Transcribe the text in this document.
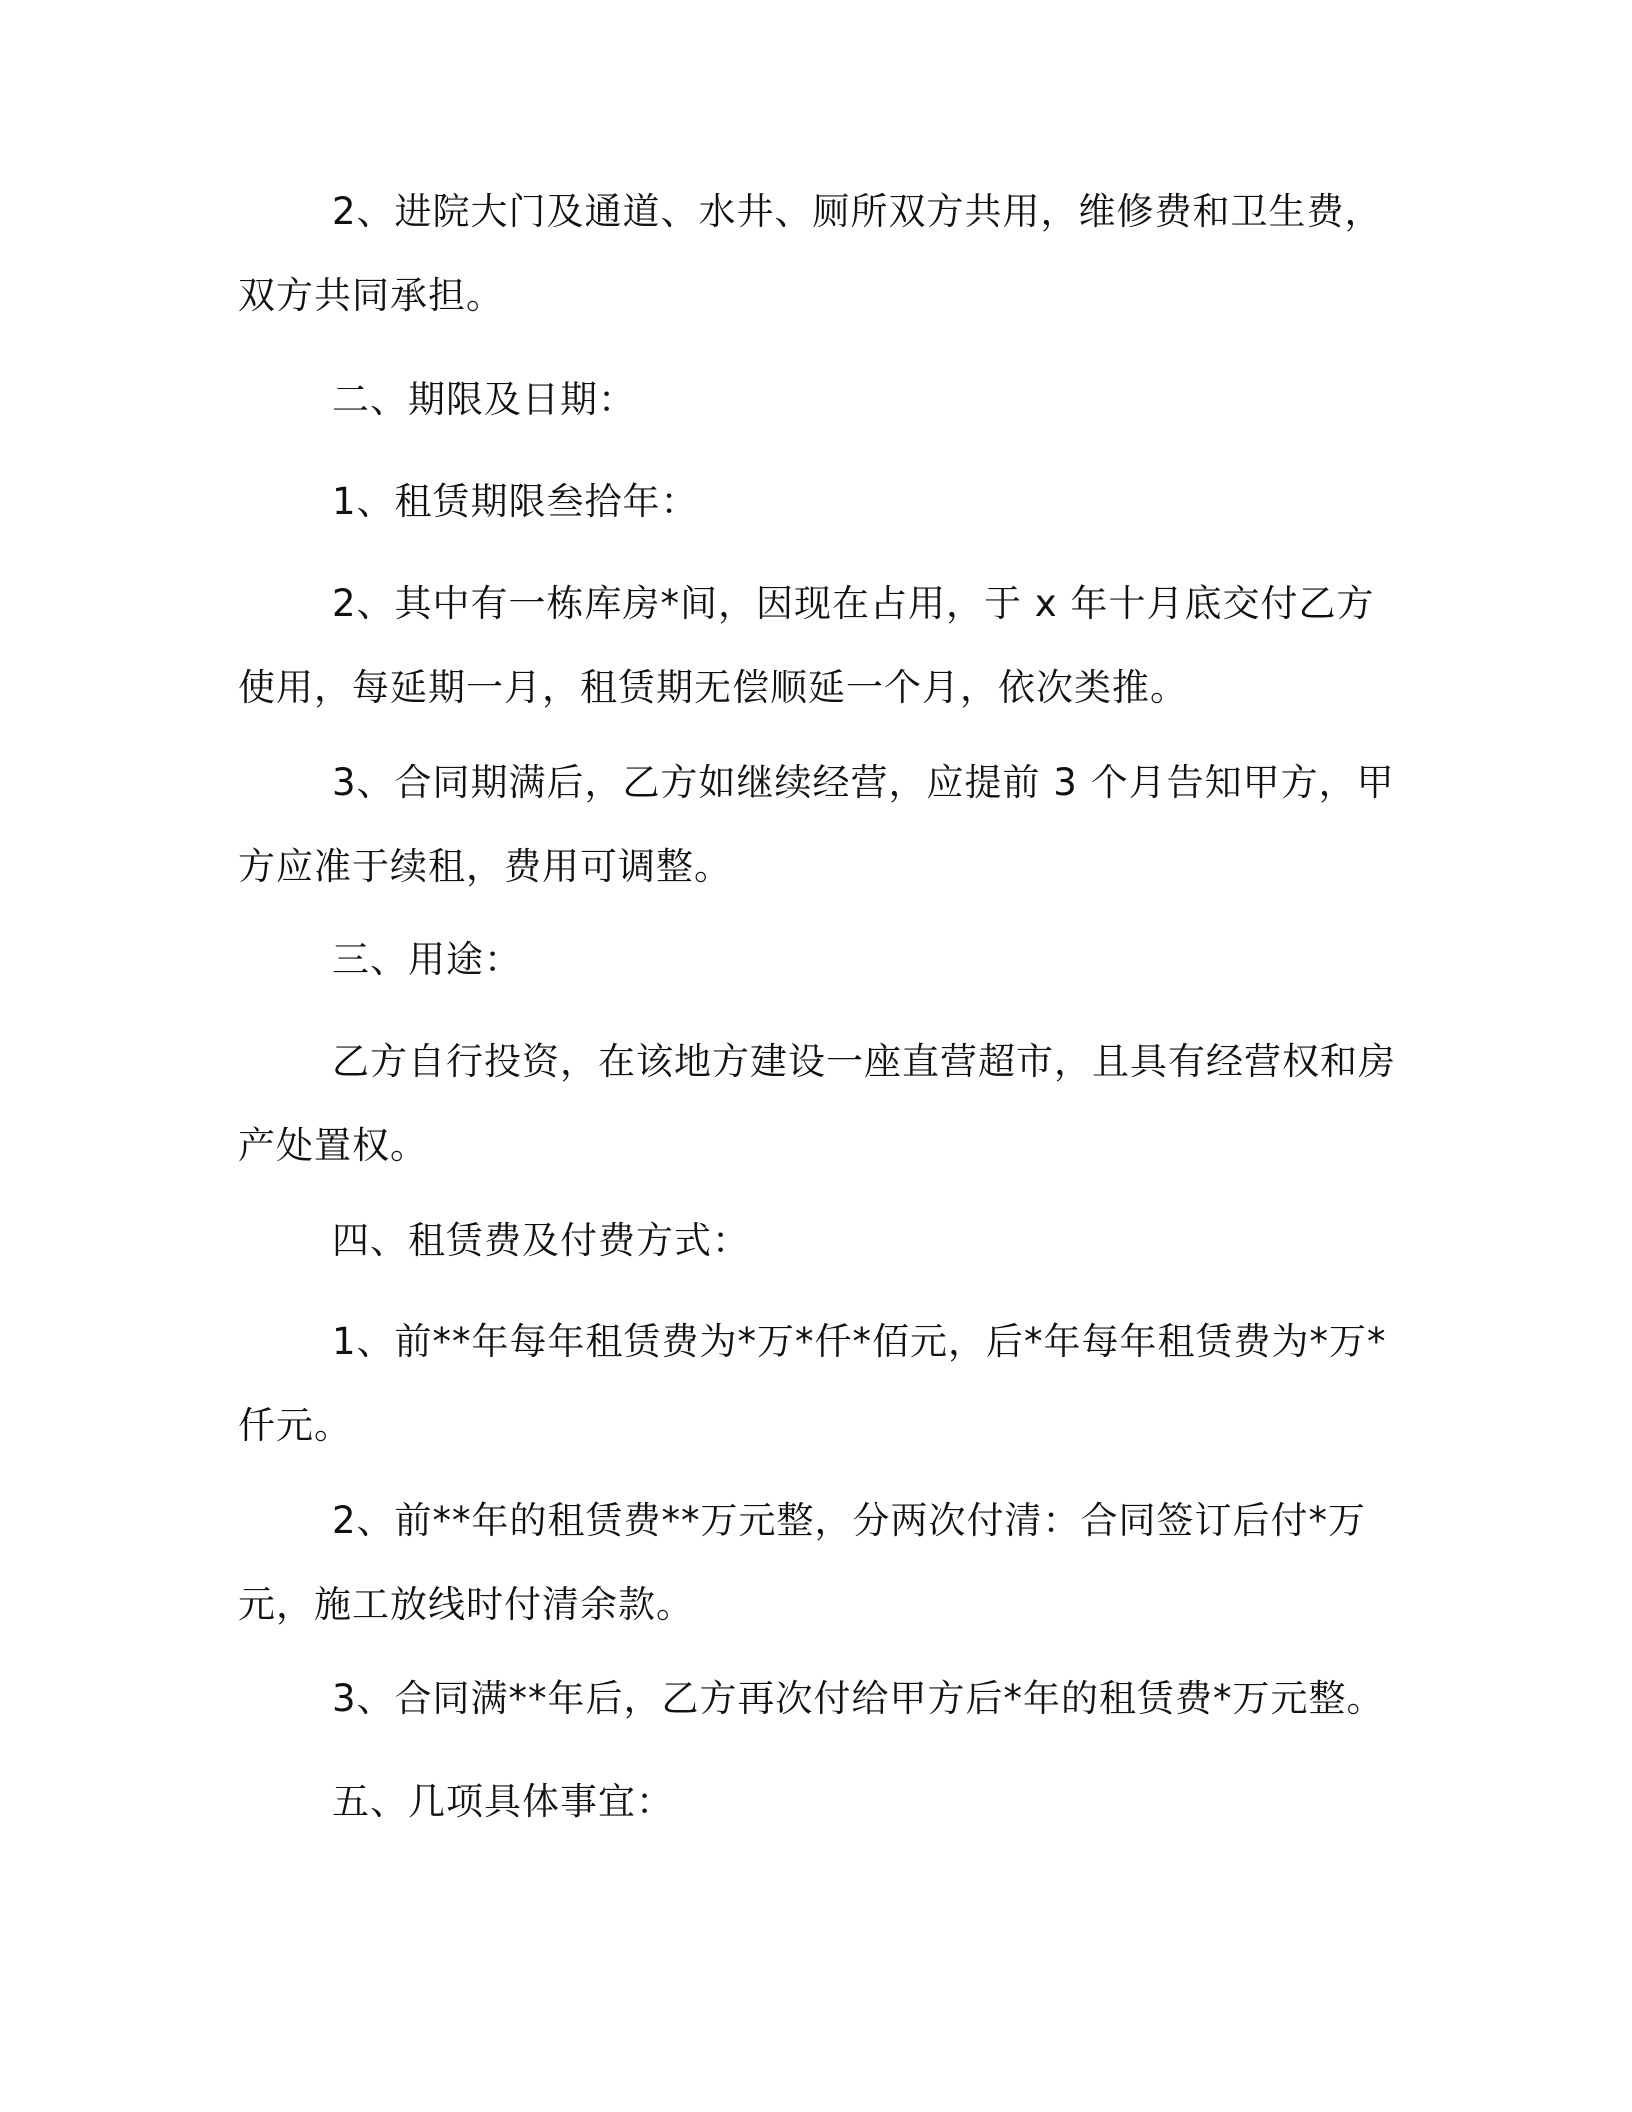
2、进院大门及通道、水井、厕所双方共用，维修费和卫生费，双方共同承担。

二、期限及日期：

1、租赁期限叁拾年：

2、其中有一栋库房*间，因现在占用，于 x 年十月底交付乙方使用，每延期一月，租赁期无偿顺延一个月，依次类推。

3、合同期满后，乙方如继续经营，应提前 3 个月告知甲方，甲方应准于续租，费用可调整。

三、用途：

乙方自行投资，在该地方建设一座直营超市，且具有经营权和房产处置权。

四、租赁费及付费方式：

1、前**年每年租赁费为*万*仟*佰元，后*年每年租赁费为*万*仟元。

2、前**年的租赁费**万元整，分两次付清：合同签订后付*万元，施工放线时付清余款。

3、合同满**年后，乙方再次付给甲方后*年的租赁费*万元整。

五、几项具体事宜：
